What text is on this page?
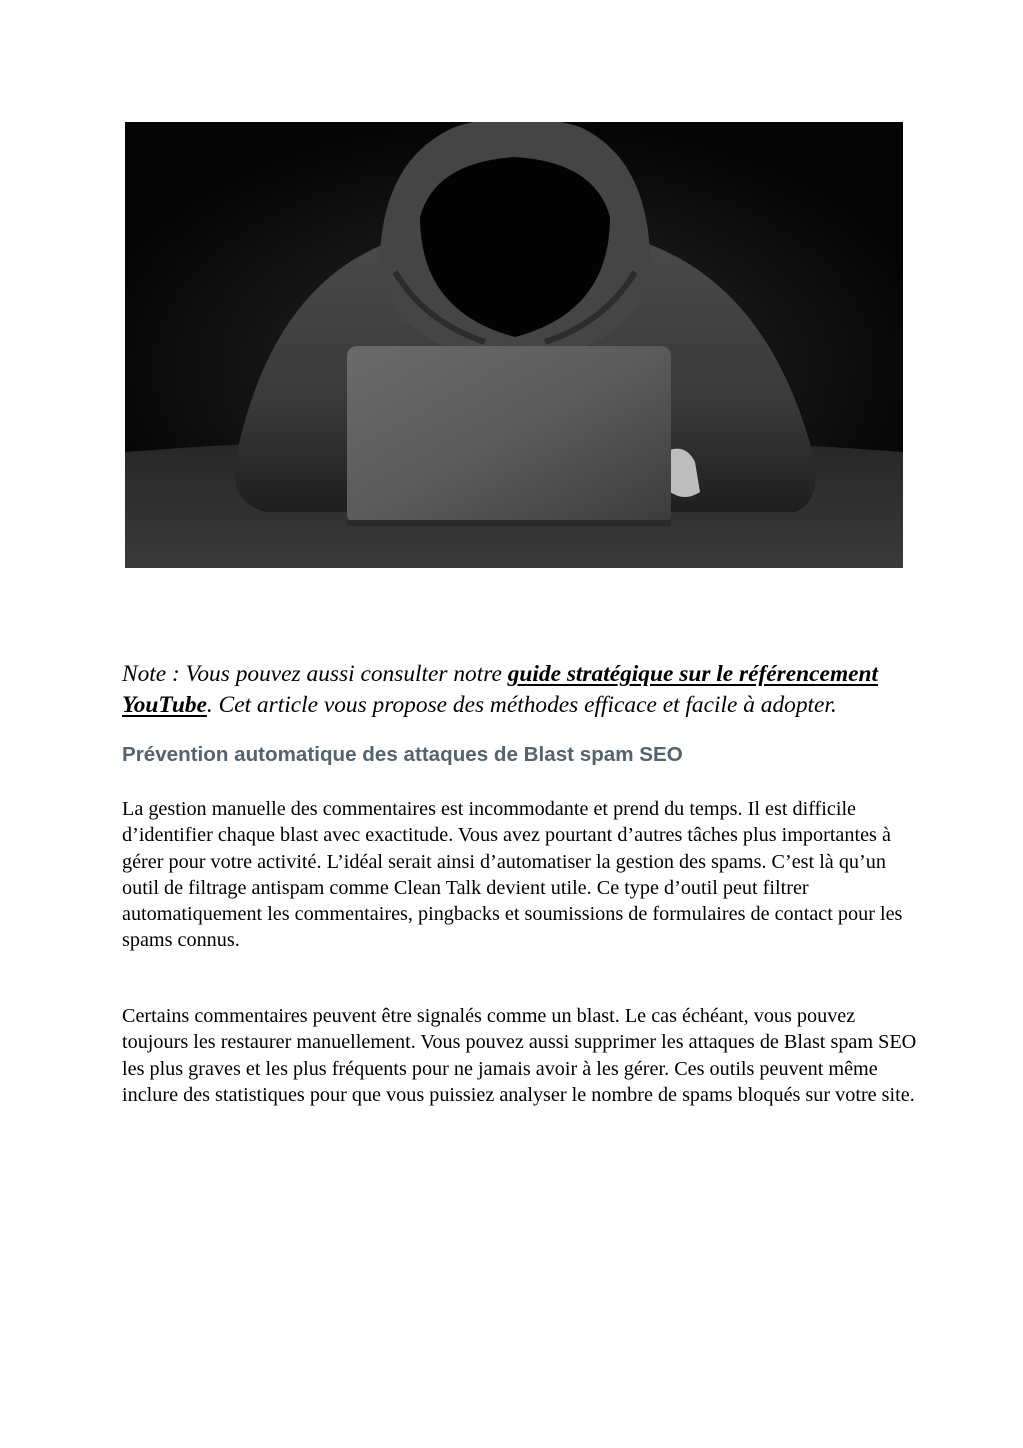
Note : Vous pouvez aussi consulter notre guide stratégique sur le référencement YouTube. Cet article vous propose des méthodes efficace et facile à adopter.

Prévention automatique des attaques de Blast spam SEO

La gestion manuelle des commentaires est incommodante et prend du temps. Il est difficile d’identifier chaque blast avec exactitude. Vous avez pourtant d’autres tâches plus importantes à gérer pour votre activité. L’idéal serait ainsi d’automatiser la gestion des spams. C’est là qu’un outil de filtrage antispam comme Clean Talk devient utile. Ce type d’outil peut filtrer automatiquement les commentaires, pingbacks et soumissions de formulaires de contact pour les spams connus.

Certains commentaires peuvent être signalés comme un blast. Le cas échéant, vous pouvez toujours les restaurer manuellement. Vous pouvez aussi supprimer les attaques de Blast spam SEO les plus graves et les plus fréquents pour ne jamais avoir à les gérer. Ces outils peuvent même inclure des statistiques pour que vous puissiez analyser le nombre de spams bloqués sur votre site.
